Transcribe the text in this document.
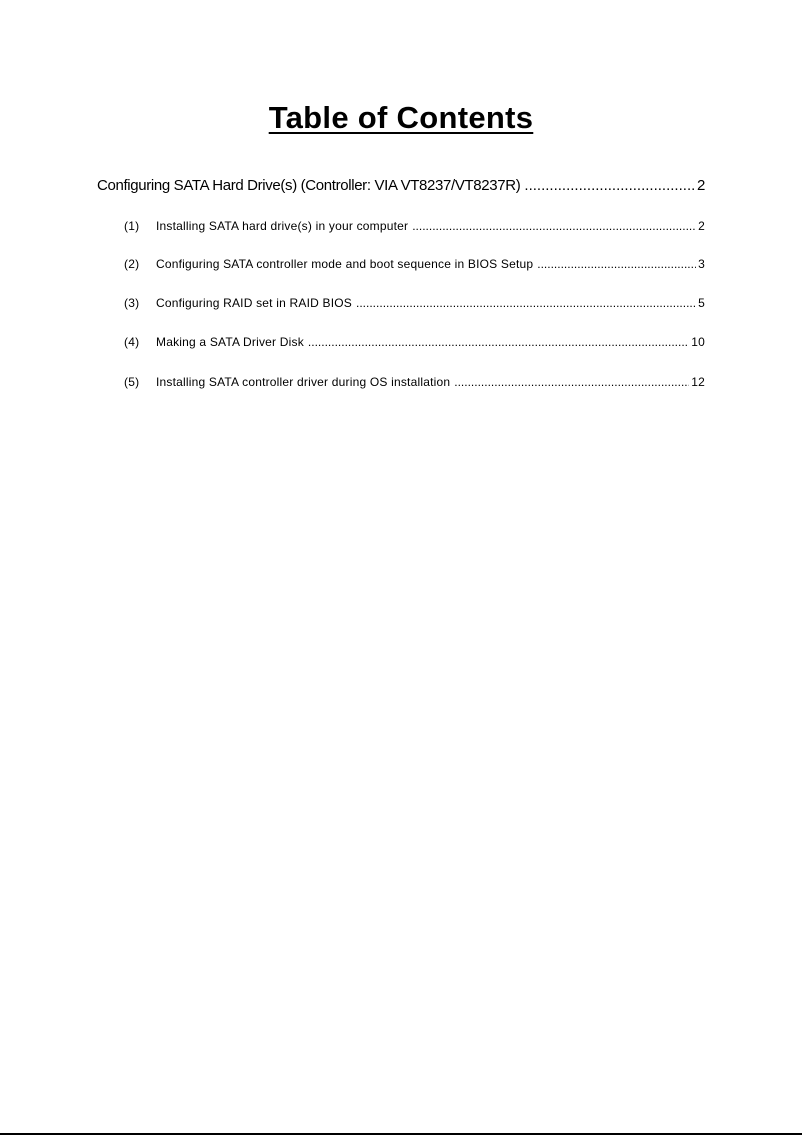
Table of Contents
Configuring SATA Hard Drive(s) (Controller: VIA VT8237/VT8237R) .....	2
(1)	Installing SATA hard drive(s) in your computer .....	2
(2)	Configuring SATA controller mode and boot sequence in BIOS Setup .....	3
(3)	Configuring RAID set in RAID BIOS .....	5
(4)	Making a SATA Driver Disk .....	10
(5)	Installing SATA controller driver during OS installation .....	12
